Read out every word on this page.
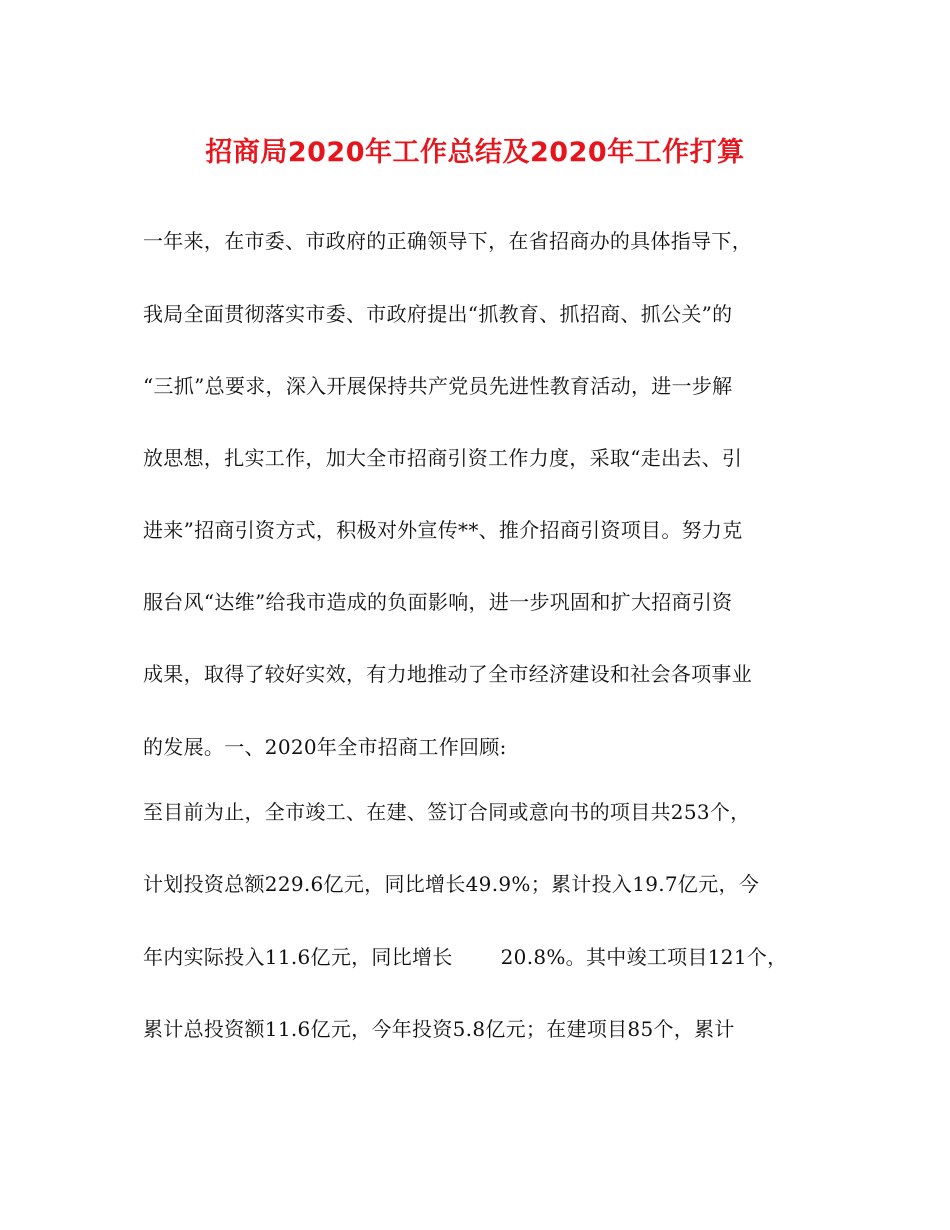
招商局2020年工作总结及2020年工作打算
一年来，在市委、市政府的正确领导下，在省招商办的具体指导下，
我局全面贯彻落实市委、市政府提出“抓教育、抓招商、抓公关”的
“三抓”总要求，深入开展保持共产党员先进性教育活动，进一步解
放思想，扎实工作，加大全市招商引资工作力度，采取“走出去、引
进来”招商引资方式，积极对外宣传**、推介招商引资项目。努力克
服台风“达维”给我市造成的负面影响，进一步巩固和扩大招商引资
成果，取得了较好实效，有力地推动了全市经济建设和社会各项事业
的发展。一、2020年全市招商工作回顾:
至目前为止，全市竣工、在建、签订合同或意向书的项目共253个，
计划投资总额229.6亿元，同比增长49.9%；累计投入19.7亿元，今
年内实际投入11.6亿元，同比增长 20.8%。其中竣工项目121个，
累计总投资额11.6亿元，今年投资5.8亿元；在建项目85个，累计
